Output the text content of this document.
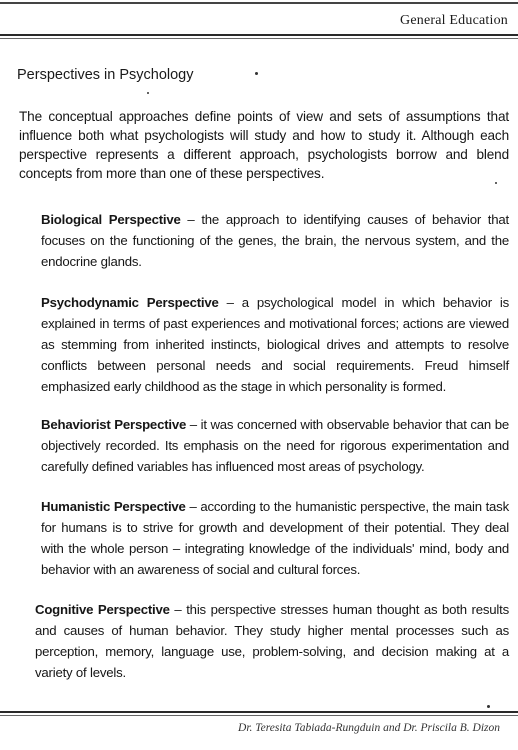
General Education
Perspectives in Psychology

The conceptual approaches define points of view and sets of assumptions that influence both what psychologists will study and how to study it. Although each perspective represents a different approach, psychologists borrow and blend concepts from more than one of these perspectives.

Biological Perspective – the approach to identifying causes of behavior that focuses on the functioning of the genes, the brain, the nervous system, and the endocrine glands.

Psychodynamic Perspective – a psychological model in which behavior is explained in terms of past experiences and motivational forces; actions are viewed as stemming from inherited instincts, biological drives and attempts to resolve conflicts between personal needs and social requirements. Freud himself emphasized early childhood as the stage in which personality is formed.

Behaviorist Perspective – it was concerned with observable behavior that can be objectively recorded. Its emphasis on the need for rigorous experimentation and carefully defined variables has influenced most areas of psychology.

Humanistic Perspective – according to the humanistic perspective, the main task for humans is to strive for growth and development of their potential. They deal with the whole person – integrating knowledge of the individuals' mind, body and behavior with an awareness of social and cultural forces.

Cognitive Perspective – this perspective stresses human thought as both results and causes of human behavior. They study higher mental processes such as perception, memory, language use, problem-solving, and decision making at a variety of levels.

Dr. Teresita Tabiada-Rungduin and Dr. Priscila B. Dizon
